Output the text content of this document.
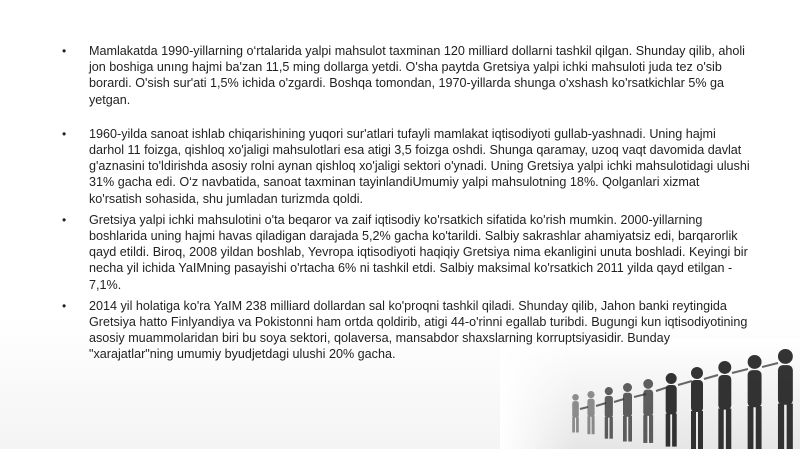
• Mamlakatda 1990-yillarning o‘rtalarida yalpi mahsulot taxminan 120 milliard dollarni tashkil qilgan. Shunday qilib, aholi jon boshiga unıng hajmi ba'zan 11,5 ming dollarga yetdi. O'sha paytda Gretsiya yalpi ichki mahsuloti juda tez o'sib borardi. O'sish sur'ati 1,5% ichida o'zgardi. Boshqa tomondan, 1970-yillarda shunga o'xshash ko'rsatkichlar 5% ga yetgan.
• 1960-yilda sanoat ishlab chiqarishining yuqori sur'atlari tufayli mamlakat iqtisodiyoti gullab-yashnadi. Uning hajmi darhol 11 foizga, qishloq xo'jaligi mahsulotlari esa atigi 3,5 foizga oshdi. Shunga qaramay, uzoq vaqt davomida davlat g'aznasini to'ldirishda asosiy rolni aynan qishloq xo'jaligi sektori o'ynadi. Uning Gretsiya yalpi ichki mahsulotidagi ulushi 31% gacha edi. O‘z navbatida, sanoat taxminan tayinlandiUmumiy yalpi mahsulotning 18%. Qolganlari xizmat ko'rsatish sohasida, shu jumladan turizmda qoldi.
• Gretsiya yalpi ichki mahsulotini o'ta beqaror va zaif iqtisodiy ko'rsatkich sifatida ko'rish mumkin. 2000-yillarning boshlarida uning hajmi havas qiladigan darajada 5,2% gacha ko'tarildi. Salbiy sakrashlar ahamiyatsiz edi, barqarorlik qayd etildi. Biroq, 2008 yildan boshlab, Yevropa iqtisodiyoti haqiqiy Gretsiya nima ekanligini unuta boshladi. Keyingi bir necha yil ichida YaIMning pasayishi o'rtacha 6% ni tashkil etdi. Salbiy maksimal ko'rsatkich 2011 yilda qayd etilgan - 7,1%.
• 2014 yil holatiga ko'ra YaIM 238 milliard dollardan sal ko'proqni tashkil qiladi. Shunday qilib, Jahon banki reytingida Gretsiya hatto Finlyandiya va Pokistonni ham ortda qoldirib, atigi 44-o'rinni egallab turibdi. Bugungi kun iqtisodiyotining asosiy muammolaridan biri bu soya sektori, qolaversa, mansabdor shaxslarning korruptsiyasidir. Bunday "xarajatlar"ning umumiy byudjetdagi ulushi 20% gacha.
